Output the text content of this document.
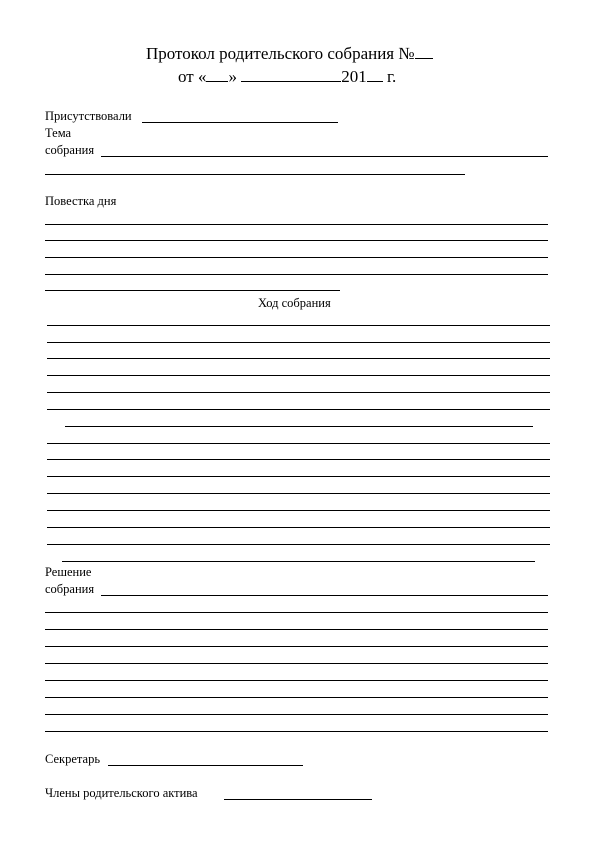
Протокол родительского собрания №
от « »	201 г.
Присутствовали
Тема
собрания
Повестка дня
Ход собрания
Решение
собрания
Секретарь
Члены родительского актива
